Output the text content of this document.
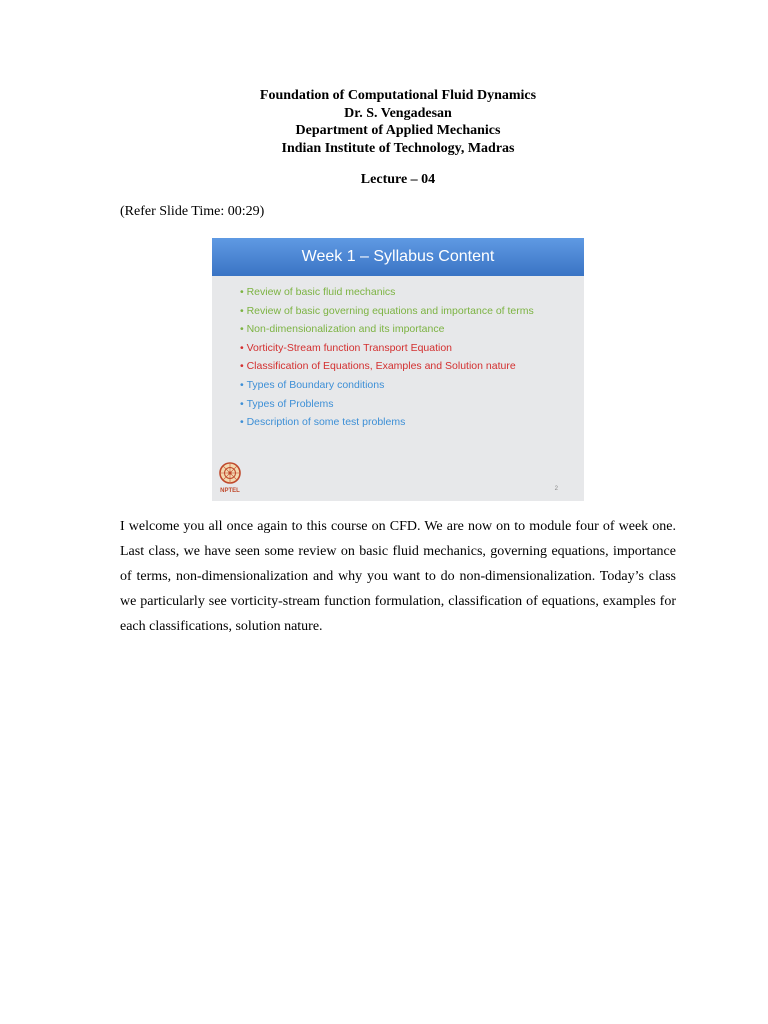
Foundation of Computational Fluid Dynamics
Dr. S. Vengadesan
Department of Applied Mechanics
Indian Institute of Technology, Madras
Lecture – 04
(Refer Slide Time: 00:29)
Week 1 – Syllabus Content
• Review of basic fluid mechanics
• Review of basic governing equations and importance of terms
• Non-dimensionalization and its importance
• Vorticity-Stream function Transport Equation
• Classification of Equations, Examples and Solution nature
• Types of Boundary conditions
• Types of Problems
• Description of some test problems
NPTEL	2

I welcome you all once again to this course on CFD. We are now on to module four of week one. Last class, we have seen some review on basic fluid mechanics, governing equations, importance of terms, non-dimensionalization and why you want to do non-dimensionalization. Today’s class we particularly see vorticity-stream function formulation, classification of equations, examples for each classifications, solution nature.
